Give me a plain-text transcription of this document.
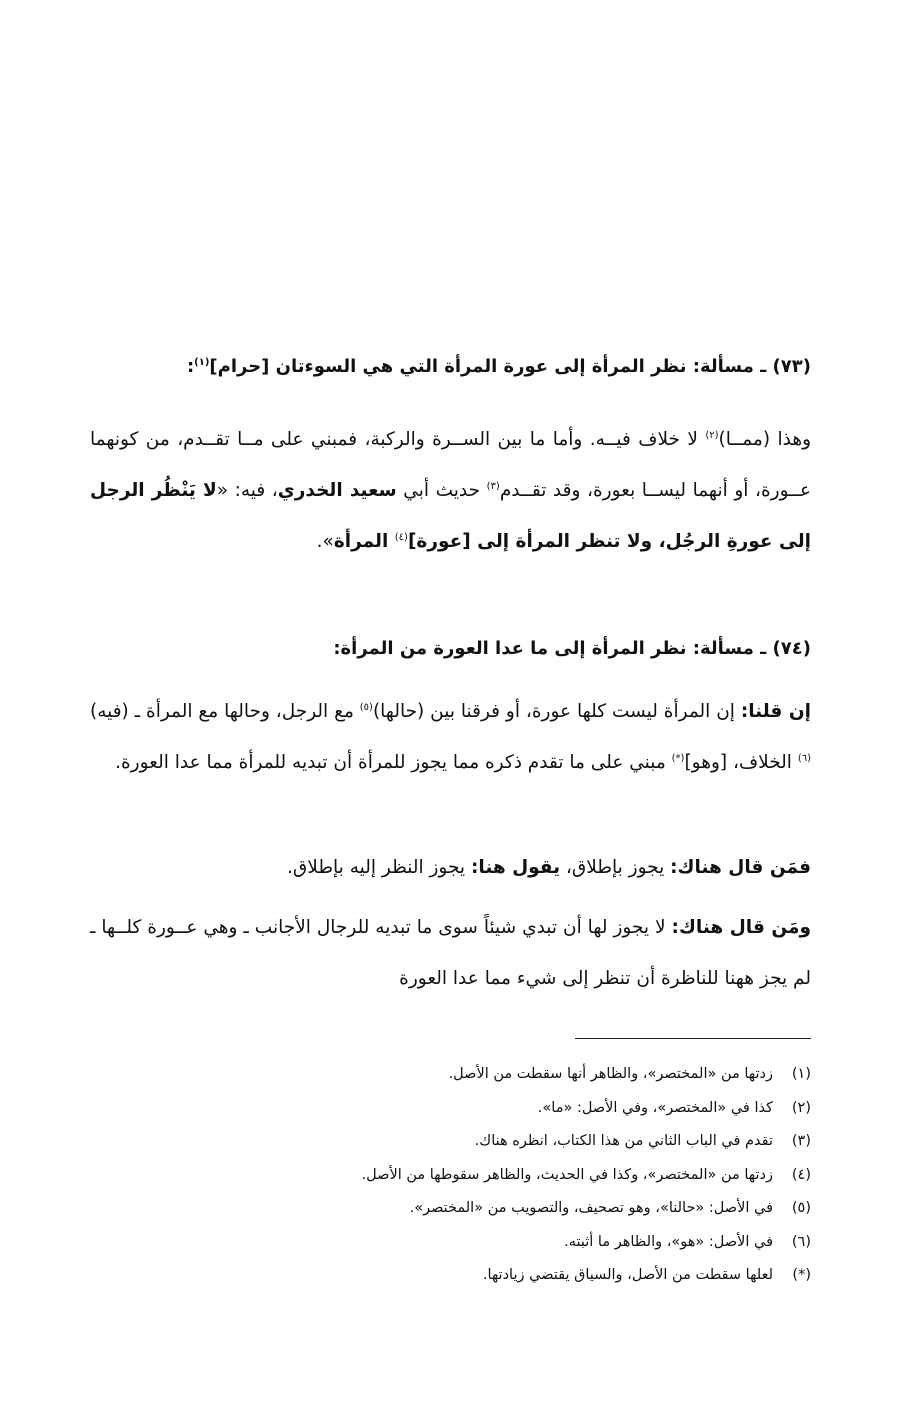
(٧٣) ـ مسألة: نظر المرأة إلى عورة المرأة التي هي السوءتان [حرام]$^{(١)}$:

وهذا (ممــا)$^{(٢)}$ لا خلاف فيــه. وأما ما بين الســرة والركبة، فمبني على مــا تقــدم، من كونهما عــورة، أو أنهما ليســا بعورة، وقد تقــدم$^{(٣)}$ حديث أبي سعيد الخدري، فيه: «لا يَنْظُر الرجل إلى عورةِ الرجُل، ولا تنظر المرأة إلى [عورة]$^{(٤)}$ المرأة».

(٧٤) ـ مسألة: نظر المرأة إلى ما عدا العورة من المرأة:

إن قلنا: إن المرأة ليست كلها عورة، أو فرقنا بين (حالها)$^{(٥)}$ مع الرجل، وحالها مع المرأة ـ (فيه)$^{(٦)}$ الخلاف، [وهو](*) مبني على ما تقدم ذكره مما يجوز للمرأة أن تبديه للمرأة مما عدا العورة.

فمَن قال هناك: يجوز بإطلاق، يقول هنا: يجوز النظر إليه بإطلاق.

ومَن قال هناك: لا يجوز لها أن تبدي شيئاً سوى ما تبديه للرجال الأجانب ـ وهي عــورة كلــها ـ لم يجز ههنا للناظرة أن تنظر إلى شيء مما عدا العورة

(١)زدتها من «المختصر»، والظاهر أنها سقطت من الأصل.
(٢)كذا في «المختصر»، وفي الأصل: «ما».
(٣)تقدم في الباب الثاني من هذا الكتاب، انظره هناك.
(٤)زدتها من «المختصر»، وكذا في الحديث، والظاهر سقوطها من الأصل.
(٥)في الأصل: «حالنا»، وهو تصحيف، والتصويب من «المختصر».
(٦)في الأصل: «هو»، والظاهر ما أثبته.
(*)لعلها سقطت من الأصل، والسياق يقتضي زيادتها.
